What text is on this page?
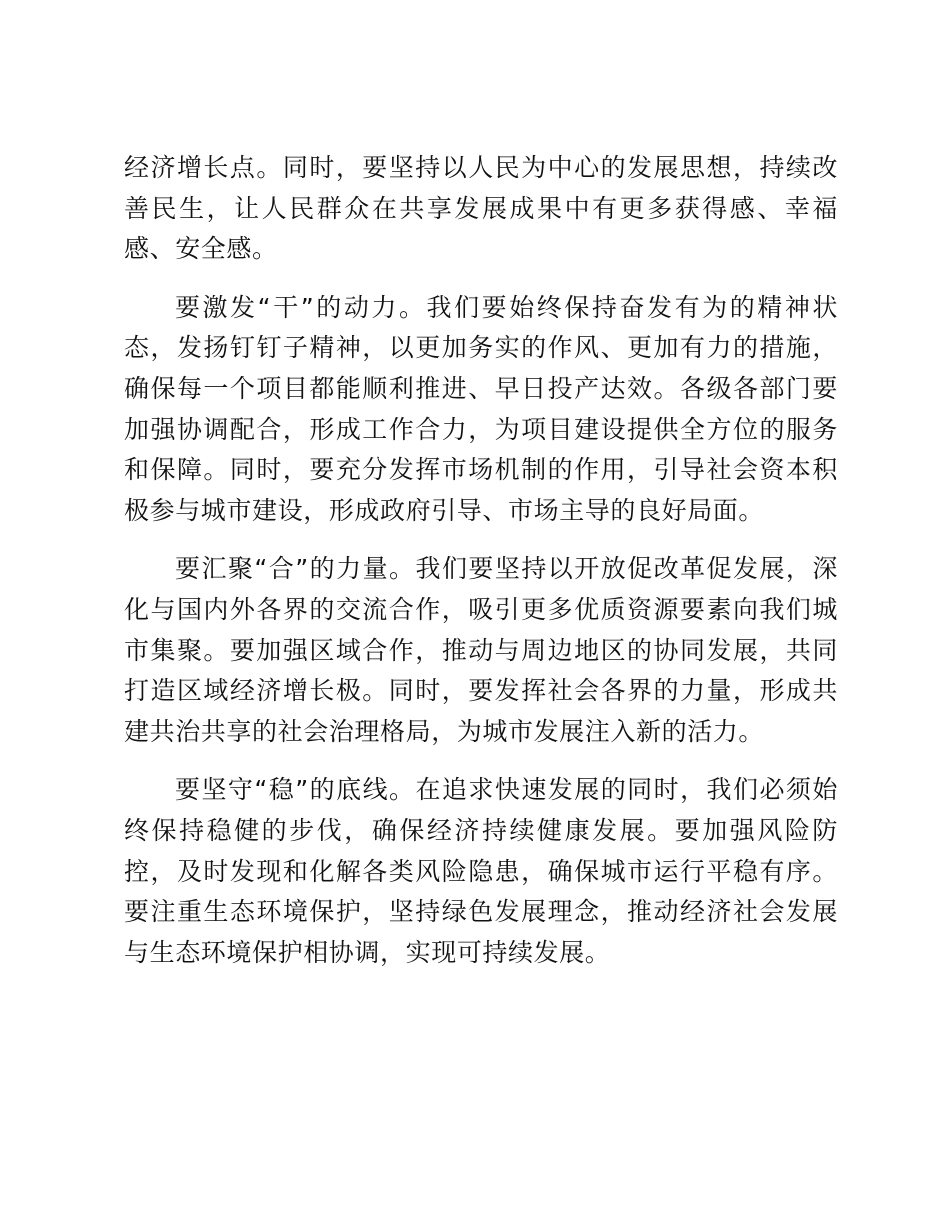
经济增长点。同时，要坚持以人民为中心的发展思想，持续改善民生，让人民群众在共享发展成果中有更多获得感、幸福感、安全感。

要激发“干”的动力。我们要始终保持奋发有为的精神状态，发扬钉钉子精神，以更加务实的作风、更加有力的措施，确保每一个项目都能顺利推进、早日投产达效。各级各部门要加强协调配合，形成工作合力，为项目建设提供全方位的服务和保障。同时，要充分发挥市场机制的作用，引导社会资本积极参与城市建设，形成政府引导、市场主导的良好局面。

要汇聚“合”的力量。我们要坚持以开放促改革促发展，深化与国内外各界的交流合作，吸引更多优质资源要素向我们城市集聚。要加强区域合作，推动与周边地区的协同发展，共同打造区域经济增长极。同时，要发挥社会各界的力量，形成共建共治共享的社会治理格局，为城市发展注入新的活力。

要坚守“稳”的底线。在追求快速发展的同时，我们必须始终保持稳健的步伐，确保经济持续健康发展。要加强风险防控，及时发现和化解各类风险隐患，确保城市运行平稳有序。要注重生态环境保护，坚持绿色发展理念，推动经济社会发展与生态环境保护相协调，实现可持续发展。
